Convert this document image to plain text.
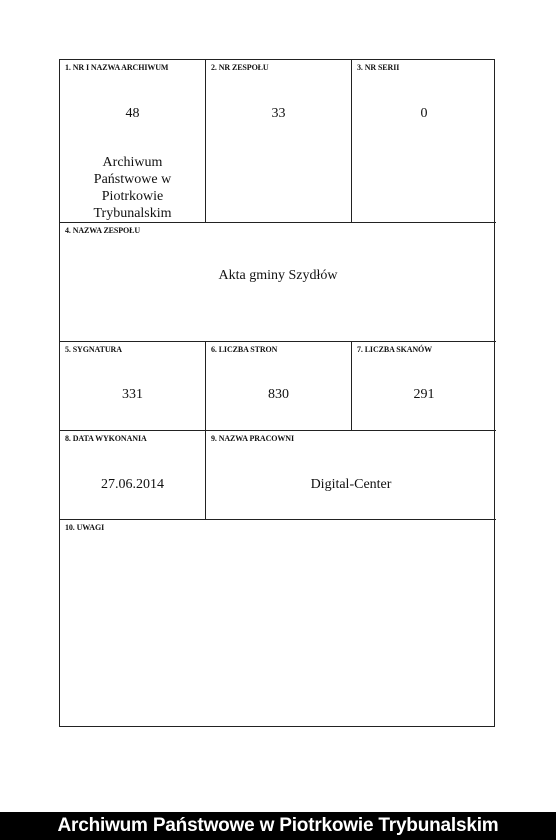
1. NR I NAZWA ARCHIWUM
48
Archiwum
Państwowe w
Piotrkowie
Trybunalskim
2. NR ZESPOŁU
33
3. NR SERII
0
4. NAZWA ZESPOŁU
Akta gminy Szydłów
5. SYGNATURA
331
6. LICZBA STRON
830
7. LICZBA SKANÓW
291
8. DATA WYKONANIA
27.06.2014
9. NAZWA PRACOWNI
Digital-Center
10. UWAGI
Archiwum Państwowe w Piotrkowie Trybunalskim
